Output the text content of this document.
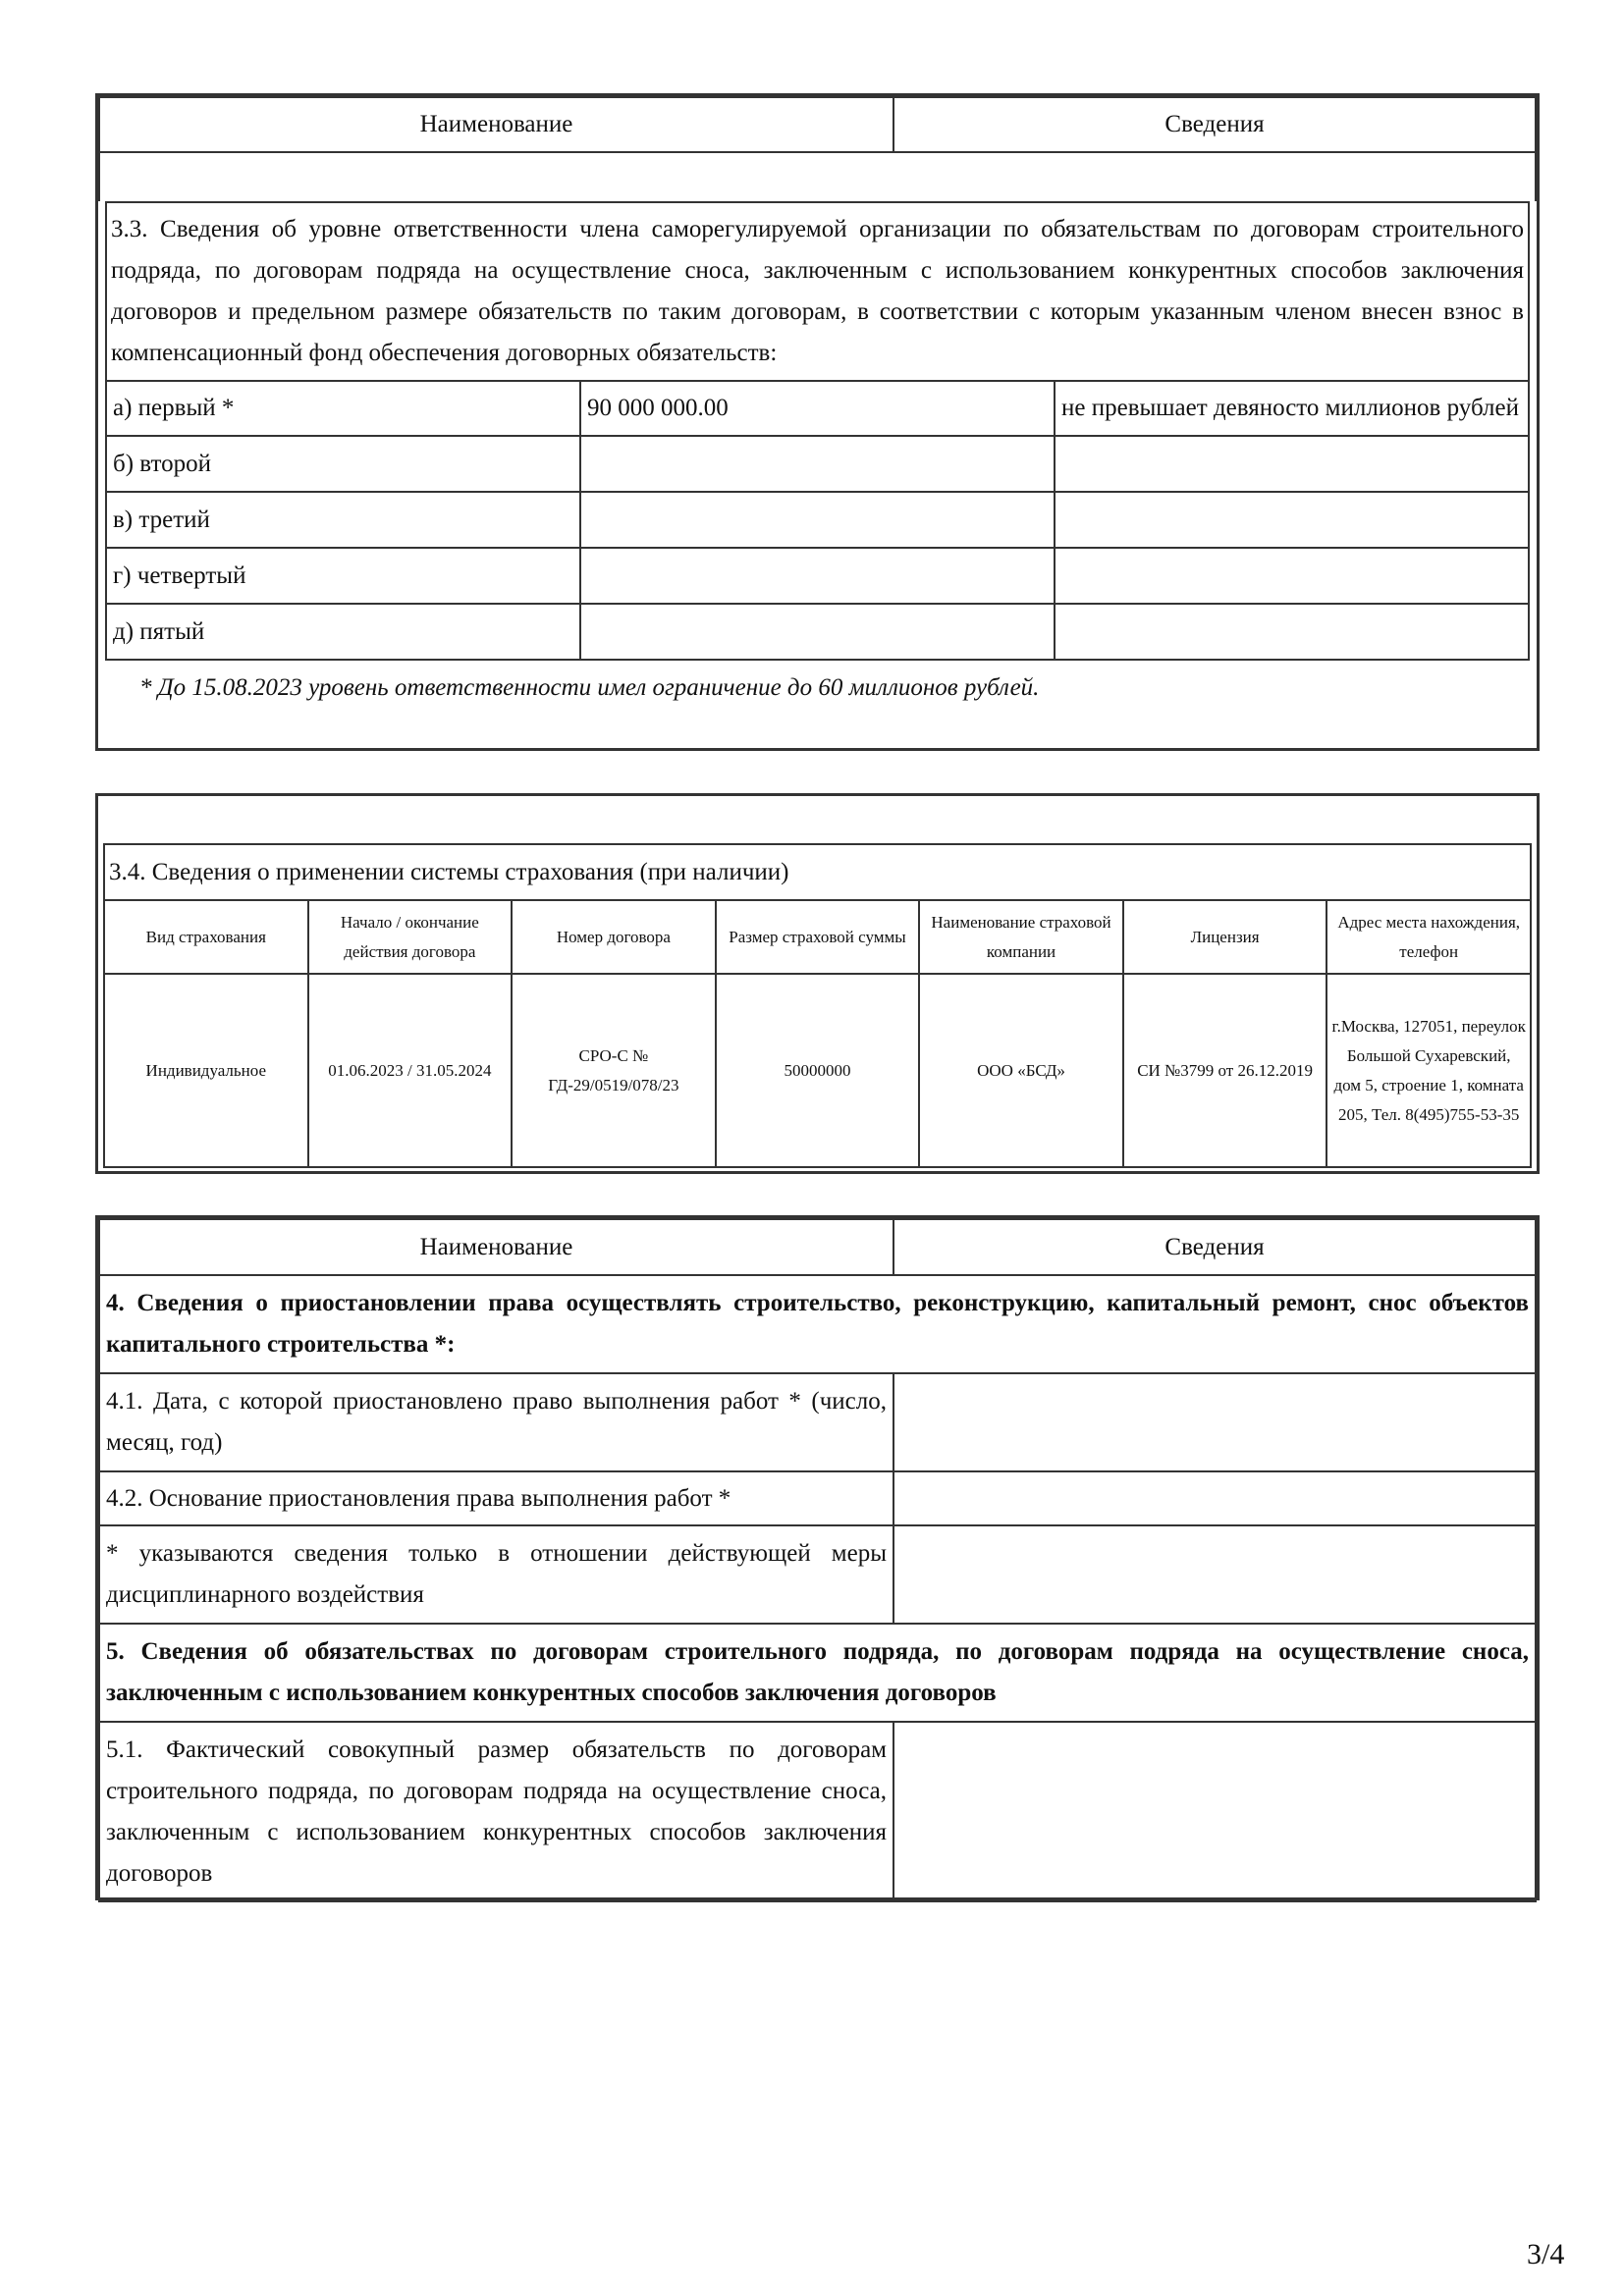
Наименование	Сведения

3.3. Сведения об уровне ответственности члена саморегулируемой организации по обязательствам по договорам строительного подряда, по договорам подряда на осуществление сноса, заключенным с использованием конкурентных способов заключения договоров и предельном размере обязательств по таким договорам, в соответствии с которым указанным членом внесен взнос в компенсационный фонд обеспечения договорных обязательств:		
а) первый *	90 000 000.00	не превышает девяносто миллионов рублей
б) второй		
в) третий		
г) четвертый		
д) пятый		
* До 15.08.2023 уровень ответственности имел ограничение до 60 миллионов рублей.
3.4. Сведения о применении системы страхования (при наличии)						
Вид страхования	Начало / окончание действия договора	Номер договора	Размер страховой суммы	Наименование страховой компании	Лицензия	Адрес места нахождения, телефон
Индивидуальное	01.06.2023 / 31.05.2024	СРО-С № ГД-29/0519/078/23	50000000	ООО «БСД»	СИ №3799 от 26.12.2019	г.Москва, 127051, переулок Большой Сухаревский, дом 5, строение 1, комната 205, Тел. 8(495)755-53-35
Наименование	Сведения
4. Сведения о приостановлении права осуществлять строительство, реконструкцию, капитальный ремонт, снос объектов капитального строительства *:	
4.1. Дата, с которой приостановлено право выполнения работ * (число, месяц, год)	
4.2. Основание приостановления права выполнения работ *	
* указываются сведения только в отношении действующей меры дисциплинарного воздействия	
5. Сведения об обязательствах по договорам строительного подряда, по договорам подряда на осуществление сноса, заключенным с использованием конкурентных способов заключения договоров	
5.1. Фактический совокупный размер обязательств по договорам строительного подряда, по договорам подряда на осуществление сноса, заключенным с использованием конкурентных способов заключения договоров	
3/4
